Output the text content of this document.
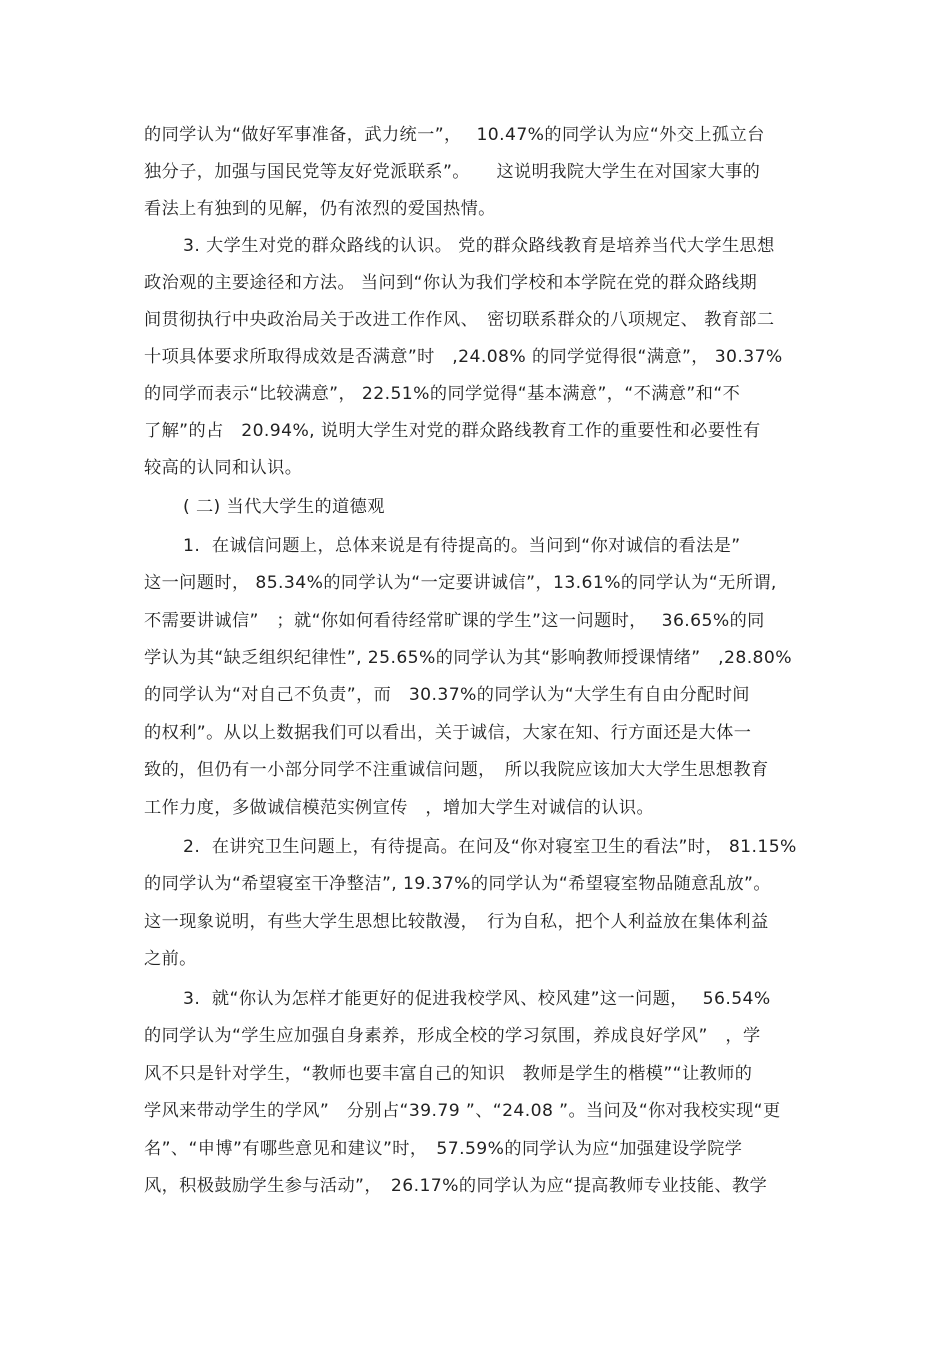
的同学认为“做好军事准备，武力统一”，　 10.47%的同学认为应“外交上孤立台
独分子，加强与国民党等友好党派联系”。　　这说明我院大学生在对国家大事的
看法上有独到的见解，仍有浓烈的爱国热情。
3. 大学生对党的群众路线的认识。 党的群众路线教育是培养当代大学生思想
政治观的主要途径和方法。 当问到“你认为我们学校和本学院在党的群众路线期
间贯彻执行中央政治局关于改进工作作风、　密切联系群众的八项规定、 教育部二
十项具体要求所取得成效是否满意”时　,24.08% 的同学觉得很“满意”， 30.37%
的同学而表示“比较满意”， 22.51%的同学觉得“基本满意”，“不满意”和“不
了解”的占　20.94%, 说明大学生对党的群众路线教育工作的重要性和必要性有
较高的认同和认识。
( 二) 当代大学生的道德观
1.  在诚信问题上，总体来说是有待提高的。当问到“你对诚信的看法是”
这一问题时， 85.34%的同学认为“一定要讲诚信”，13.61%的同学认为“无所谓,
不需要讲诚信”　；就“你如何看待经常旷课的学生”这一问题时，　 36.65%的同
学认为其“缺乏组织纪律性”, 25.65%的同学认为其“影响教师授课情绪”　,28.80%
的同学认为“对自己不负责”，而　30.37%的同学认为“大学生有自由分配时间
的权利”。从以上数据我们可以看出，关于诚信，大家在知、行方面还是大体一
致的，但仍有一小部分同学不注重诚信问题，　所以我院应该加大大学生思想教育
工作力度，多做诚信模范实例宣传　，增加大学生对诚信的认识。
2.  在讲究卫生问题上，有待提高。在问及“你对寝室卫生的看法”时， 81.15%
的同学认为“希望寝室干净整洁”, 19.37%的同学认为“希望寝室物品随意乱放”。
这一现象说明，有些大学生思想比较散漫，　行为自私，把个人利益放在集体利益
之前。
3.  就“你认为怎样才能更好的促进我校学风、校风建”这一问题，　 56.54%
的同学认为“学生应加强自身素养，形成全校的学习氛围，养成良好学风”　，学
风不只是针对学生，“教师也要丰富自己的知识　教师是学生的楷模”“让教师的
学风来带动学生的学风”　分别占“39.79 ”、“24.08 ”。当问及“你对我校实现“更
名”、“申博”有哪些意见和建议”时，　57.59%的同学认为应“加强建设学院学
风，积极鼓励学生参与活动”，　26.17%的同学认为应“提高教师专业技能、教学
